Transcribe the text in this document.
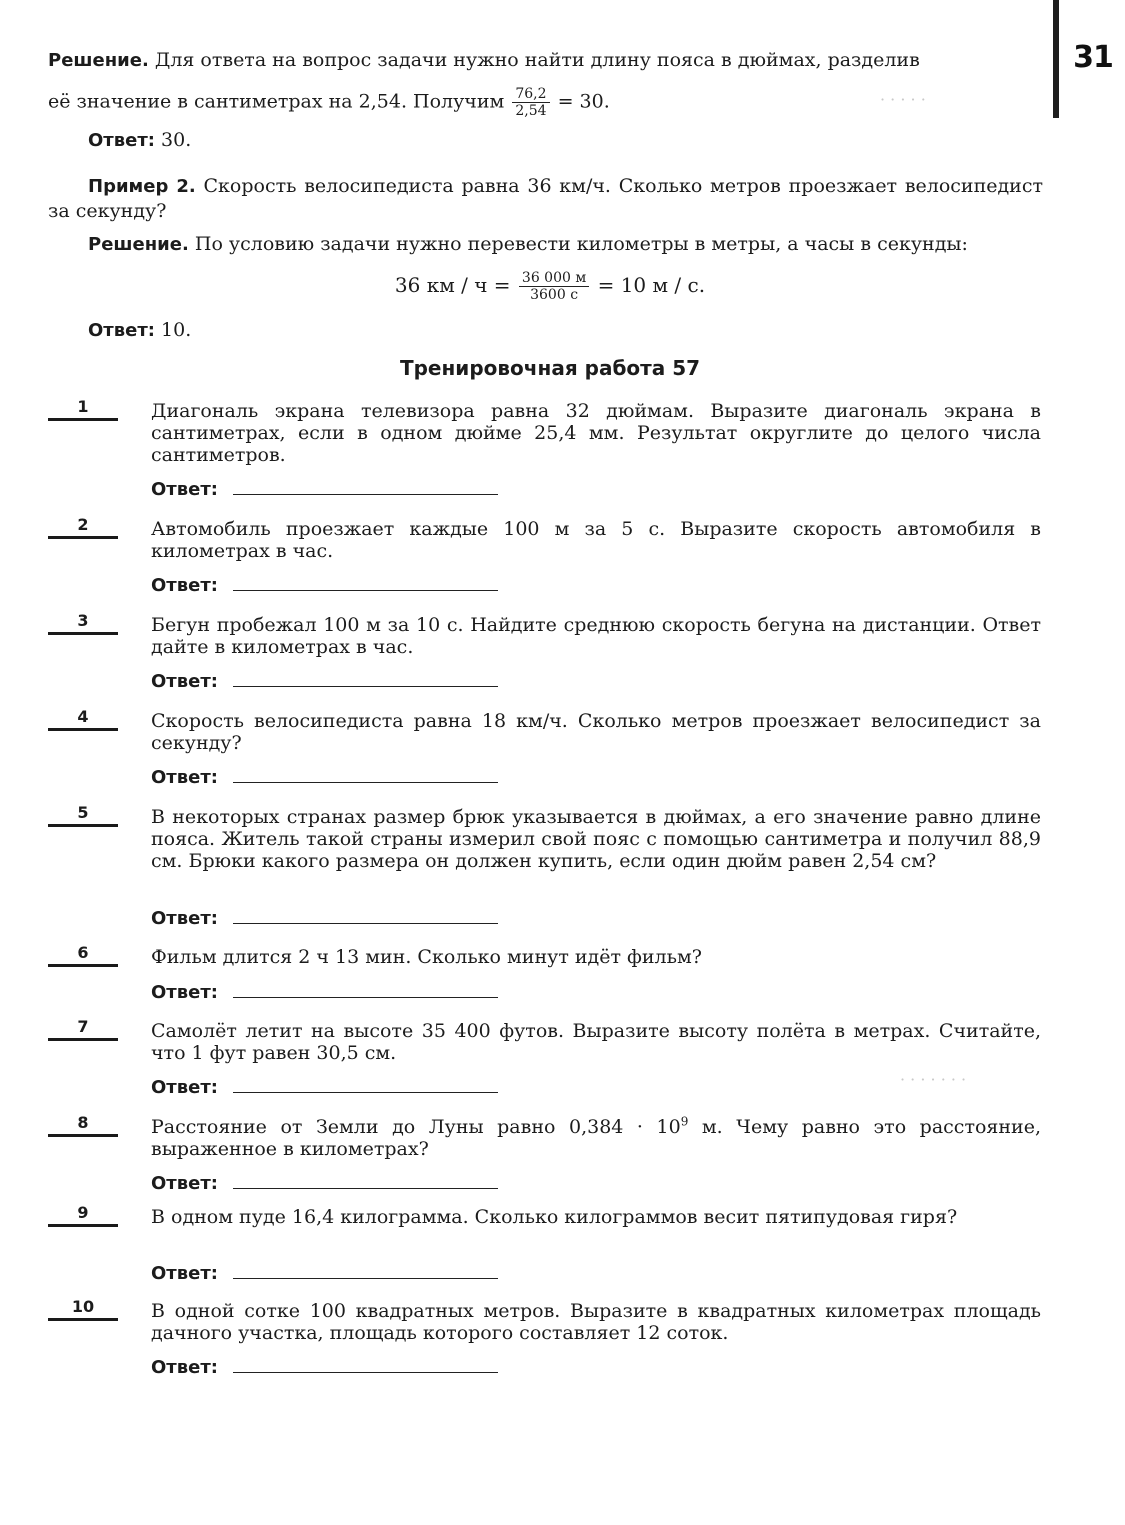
31
· · · · ·
· · · · · · ·
Решение. Для ответа на вопрос задачи нужно найти длину пояса в дюймах, разделив
её значение в сантиметрах на 2,54. Получим $\frac{76,2}{2,54} = 30$.
Ответ: 30.
Пример 2. Скорость велосипедиста равна 36 км/ч. Сколько метров проезжает велосипедист за секунду?
Решение. По условию задачи нужно перевести километры в метры, а часы в секунды:
36 км / $ч = \frac{36 000 м}{3600 с} = 10$ м / с.
Ответ: 10.
Тренировочная работа 57
1	Диагональ экрана телевизора равна 32 дюймам. Выразите диагональ экрана в сантиметрах, если в одном дюйме 25,4 мм. Результат округлите до целого числа сантиметров.
Ответ:
2	Автомобиль проезжает каждые 100 м за 5 с. Выразите скорость автомобиля в километрах в час.
Ответ:
3	Бегун пробежал 100 м за 10 с. Найдите среднюю скорость бегуна на дистанции. Ответ дайте в километрах в час.
Ответ:
4	Скорость велосипедиста равна 18 км/ч. Сколько метров проезжает велосипедист за секунду?
Ответ:
5	В некоторых странах размер брюк указывается в дюймах, а его значение равно длине пояса. Житель такой страны измерил свой пояс с помощью сантиметра и получил 88,9 см. Брюки какого размера он должен купить, если один дюйм равен 2,54 см?
Ответ:
6	Фильм длится 2 ч 13 мин. Сколько минут идёт фильм?
Ответ:
7	Самолёт летит на высоте 35 400 футов. Выразите высоту полёта в метрах. Считайте, что 1 фут равен 30,5 см.
Ответ:
8	Расстояние от Земли до Луны равно $0,384 \cdot 10^9$ м. Чему равно это расстояние, выраженное в километрах?
Ответ:
9	В одном пуде 16,4 килограмма. Сколько килограммов весит пятипудовая гиря?
Ответ:
10	В одной сотке 100 квадратных метров. Выразите в квадратных километрах площадь дачного участка, площадь которого составляет 12 соток.
Ответ:
